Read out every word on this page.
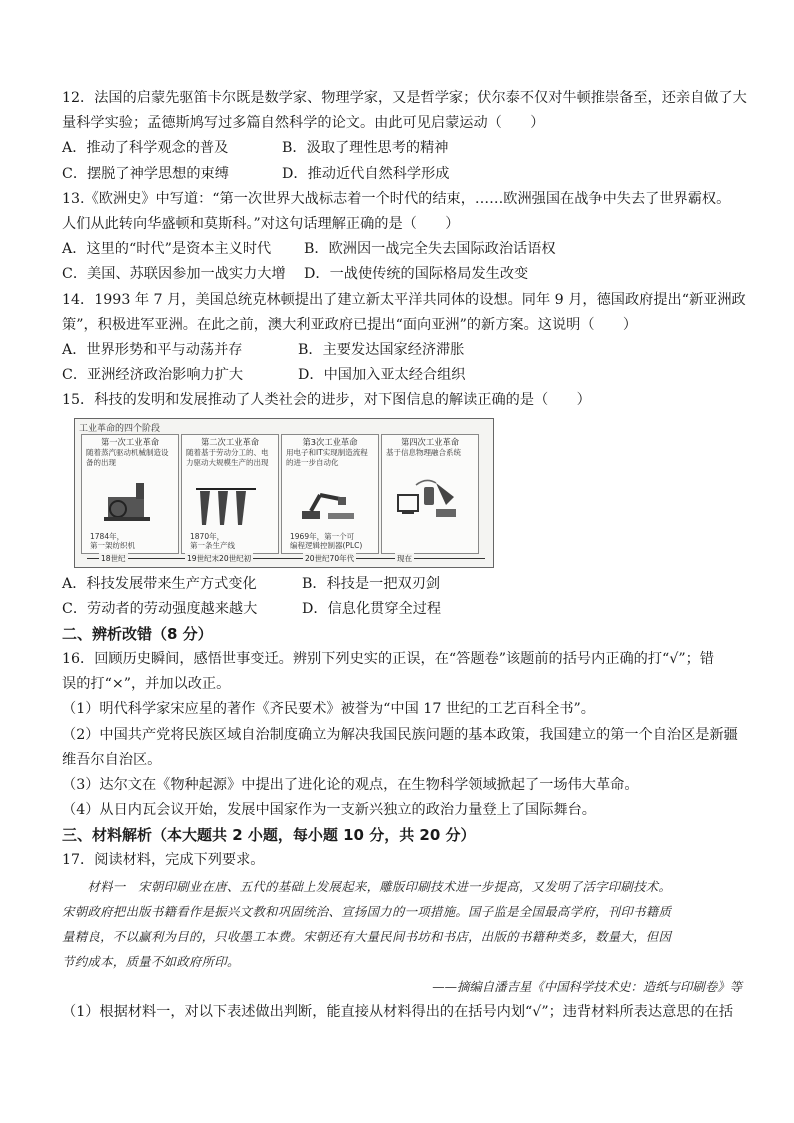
12．法国的启蒙先驱笛卡尔既是数学家、物理学家，又是哲学家；伏尔泰不仅对牛顿推崇备至，还亲自做了大
量科学实验；孟德斯鸠写过多篇自然科学的论文。由此可见启蒙运动（　　）
A．推动了科学观念的普及	B．汲取了理性思考的精神
C．摆脱了神学思想的束缚	D．推动近代自然科学形成
13.《欧洲史》中写道：“第一次世界大战标志着一个时代的结束，……欧洲强国在战争中失去了世界霸权。
人们从此转向华盛顿和莫斯科。”对这句话理解正确的是（　　）
A．这里的“时代”是资本主义时代	B．欧洲因一战完全失去国际政治话语权
C．美国、苏联因参加一战实力大增	D．一战使传统的国际格局发生改变
14．1993 年 7 月，美国总统克林顿提出了建立新太平洋共同体的设想。同年 9 月，德国政府提出“新亚洲政
策”，积极进军亚洲。在此之前，澳大利亚政府已提出“面向亚洲”的新方案。这说明（　　）
A．世界形势和平与动荡并存	B．主要发达国家经济滞胀
C．亚洲经济政治影响力扩大	D．中国加入亚太经合组织
15．科技的发明和发展推动了人类社会的进步，对下图信息的解读正确的是（　　）
工业革命的四个阶段
第一次工业革命
随着蒸汽驱动机械制造设备的出现
1784年，
第一架纺织机
第二次工业革命
随着基于劳动分工的、电力驱动大规模生产的出现
1870年，
第一条生产线
第3次工业革命
用电子和IT实现制造流程的进一步自动化
1969年，第一个可
编程逻辑控制器(PLC)
第四次工业革命
基于信息物理融合系统
18世纪	19世纪末20世纪初	20世纪70年代	现在
A．科技发展带来生产方式变化	B．科技是一把双刃剑
C．劳动者的劳动强度越来越大	D．信息化贯穿全过程
二、辨析改错（8 分）
16．回顾历史瞬间，感悟世事变迁。辨别下列史实的正误，在“答题卷”该题前的括号内正确的打“√”；错
误的打“×”，并加以改正。
（1）明代科学家宋应星的著作《齐民要术》被誉为“中国 17 世纪的工艺百科全书”。
（2）中国共产党将民族区域自治制度确立为解决我国民族问题的基本政策，我国建立的第一个自治区是新疆
维吾尔自治区。
（3）达尔文在《物种起源》中提出了进化论的观点，在生物科学领域掀起了一场伟大革命。
（4）从日内瓦会议开始，发展中国家作为一支新兴独立的政治力量登上了国际舞台。
三、材料解析（本大题共 2 小题，每小题 10 分，共 20 分）
17．阅读材料，完成下列要求。
　　材料一　宋朝印刷业在唐、五代的基础上发展起来，雕版印刷技术进一步提高，又发明了活字印刷技术。
宋朝政府把出版书籍看作是振兴文教和巩固统治、宣扬国力的一项措施。国子监是全国最高学府，刊印书籍质
量精良，不以赢利为目的，只收墨工本费。宋朝还有大量民间书坊和书店，出版的书籍种类多，数量大，但因
节约成本，质量不如政府所印。
——摘编自潘吉星《中国科学技术史：造纸与印刷卷》等
（1）根据材料一，对以下表述做出判断，能直接从材料得出的在括号内划“√”；违背材料所表达意思的在括
